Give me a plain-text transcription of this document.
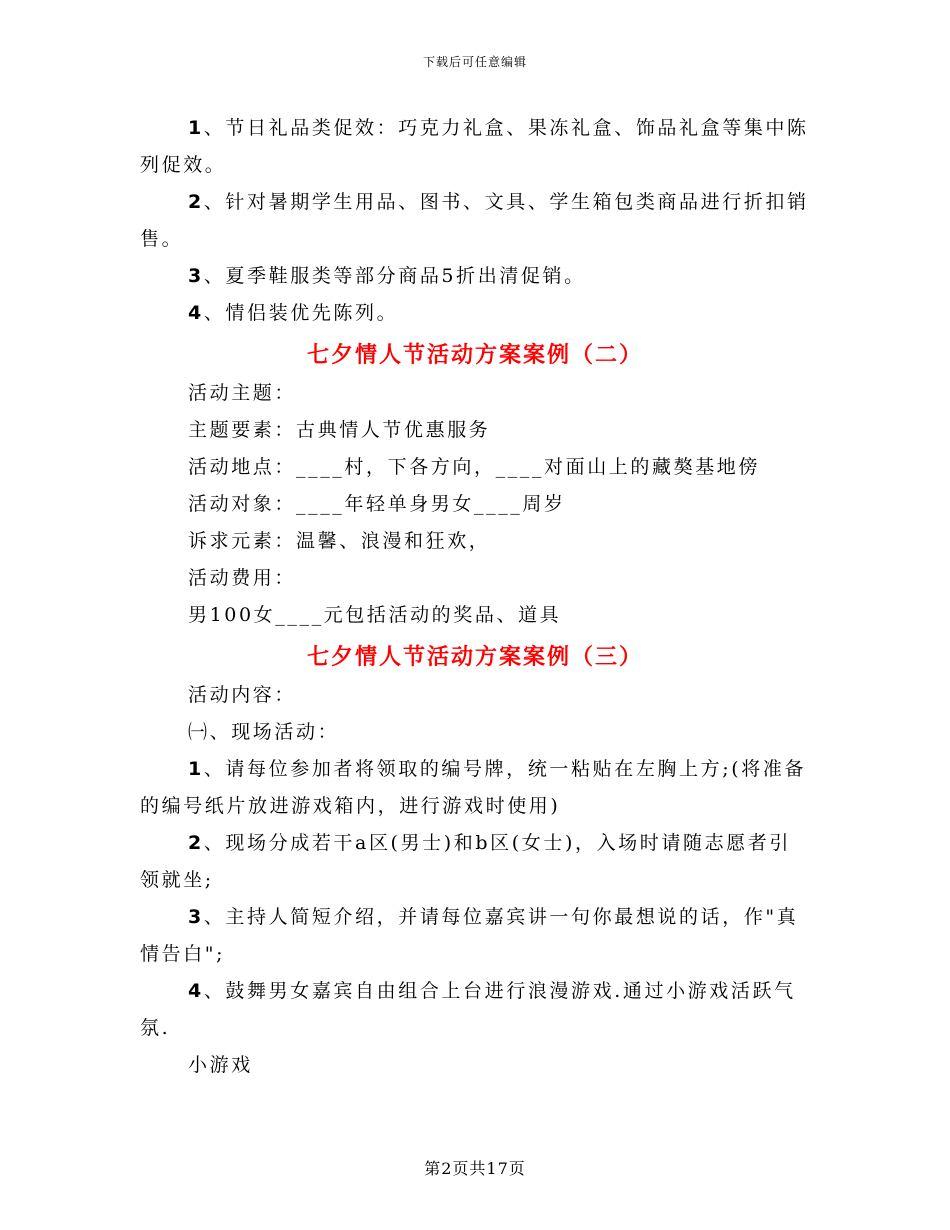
下载后可任意编辑

1、节日礼品类促效：巧克力礼盒、果冻礼盒、饰品礼盒等集中陈列促效。

2、针对暑期学生用品、图书、文具、学生箱包类商品进行折扣销售。

3、夏季鞋服类等部分商品5折出清促销。

4、情侣装优先陈列。

七夕情人节活动方案案例（二）

活动主题：

主题要素：古典情人节优惠服务

活动地点：____村，下各方向，____对面山上的藏獒基地傍

活动对象：____年轻单身男女____周岁

诉求元素：温馨、浪漫和狂欢，

活动费用：

男100女____元包括活动的奖品、道具

七夕情人节活动方案案例（三）

活动内容：

㈠、现场活动：

1、请每位参加者将领取的编号牌，统一粘贴在左胸上方;(将准备的编号纸片放进游戏箱内，进行游戏时使用)

2、现场分成若干a区(男士)和b区(女士)，入场时请随志愿者引领就坐;

3、主持人简短介绍，并请每位嘉宾讲一句你最想说的话，作"真情告白";

4、鼓舞男女嘉宾自由组合上台进行浪漫游戏.通过小游戏活跃气氛.

小游戏

第2页共17页
